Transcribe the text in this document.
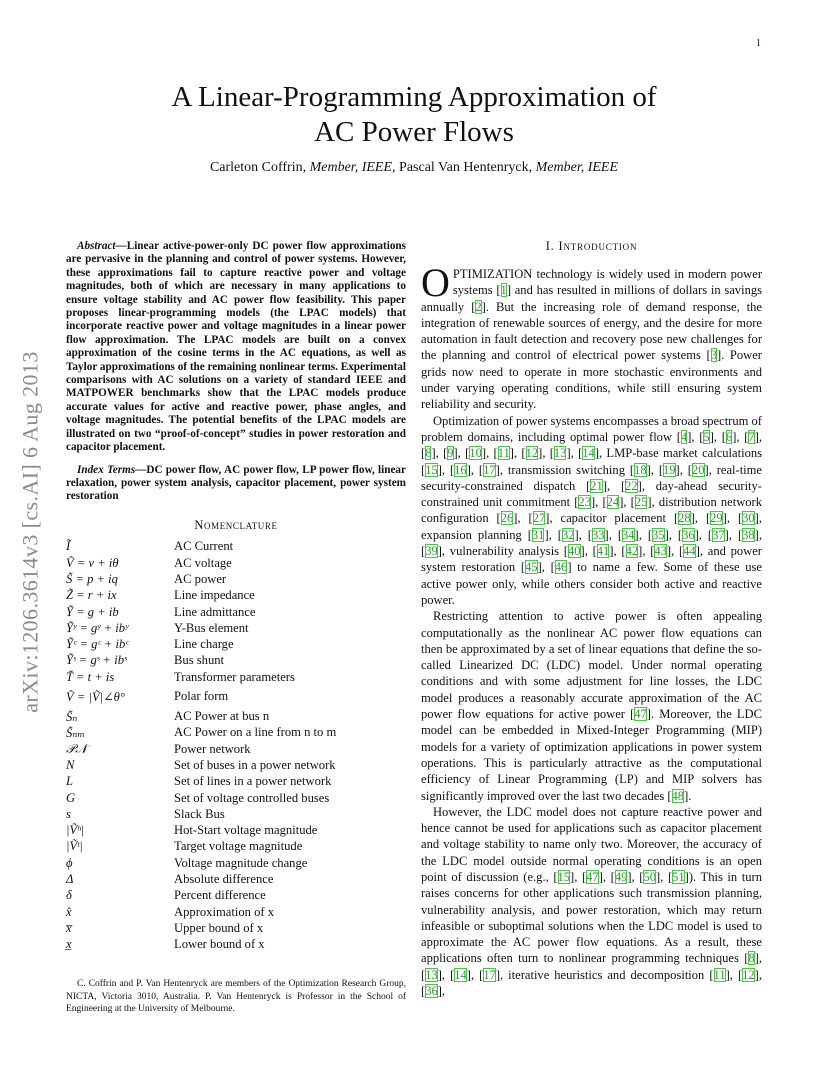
1
arXiv:1206.3614v3 [cs.AI] 6 Aug 2013
A Linear-Programming Approximation of
AC Power Flows
Carleton Coffrin, Member, IEEE, Pascal Van Hentenryck, Member, IEEE

Abstract—Linear active-power-only DC power flow approximations are pervasive in the planning and control of power systems. However, these approximations fail to capture reactive power and voltage magnitudes, both of which are necessary in many applications to ensure voltage stability and AC power flow feasibility. This paper proposes linear-programming models (the LPAC models) that incorporate reactive power and voltage magnitudes in a linear power flow approximation. The LPAC models are built on a convex approximation of the cosine terms in the AC equations, as well as Taylor approximations of the remaining nonlinear terms. Experimental comparisons with AC solutions on a variety of standard IEEE and MATPOWER benchmarks show that the LPAC models produce accurate values for active and reactive power, phase angles, and voltage magnitudes. The potential benefits of the LPAC models are illustrated on two “proof-of-concept” studies in power restoration and capacitor placement.

Index Terms—DC power flow, AC power flow, LP power flow, linear relaxation, power system analysis, capacitor placement, power system restoration

Nomenclature
Ĩ	AC Current
Ṽ = v + iθ	AC voltage
S̃ = p + iq	AC power
Z̃ = r + ix	Line impedance
Ỹ = g + ib	Line admittance
Ỹʸ = gʸ + ibʸ	Y-Bus element
Ỹᶜ = gᶜ + ibᶜ	Line charge
Ỹˢ = gˢ + ibˢ	Bus shunt
T̃ = t + is	Transformer parameters
Ṽ = |Ṽ|∠θ°	Polar form
S̃ₙ	AC Power at bus n
S̃ₙₘ	AC Power on a line from n to m
𝒫𝒩	Power network
N	Set of buses in a power network
L	Set of lines in a power network
G	Set of voltage controlled buses
s	Slack Bus
|Ṽʰ|	Hot-Start voltage magnitude
|Ṽᵗ|	Target voltage magnitude
ϕ	Voltage magnitude change
Δ	Absolute difference
δ	Percent difference
x̂	Approximation of x
x̅	Upper bound of x
x̲	Lower bound of x

C. Coffrin and P. Van Hentenryck are members of the Optimization Research Group, NICTA, Victoria 3010, Australia. P. Van Hentenryck is Professor in the School of Engineering at the University of Melbourne.

I. Introduction

OPTIMIZATION technology is widely used in modern power systems [1] and has resulted in millions of dollars in savings annually [2]. But the increasing role of demand response, the integration of renewable sources of energy, and the desire for more automation in fault detection and recovery pose new challenges for the planning and control of electrical power systems [3]. Power grids now need to operate in more stochastic environments and under varying operating conditions, while still ensuring system reliability and security.

Optimization of power systems encompasses a broad spectrum of problem domains, including optimal power flow [4], [5], [6], [7], [8], [9], [10], [11], [12], [13], [14], LMP-base market calculations [15], [16], [17], transmission switching [18], [19], [20], real-time security-constrained dispatch [21], [22], day-ahead security-constrained unit commitment [23], [24], [25], distribution network configuration [26], [27], capacitor placement [28], [29], [30], expansion planning [31], [32], [33], [34], [35], [36], [37], [38], [39], vulnerability analysis [40], [41], [42], [43], [44], and power system restoration [45], [46] to name a few. Some of these use active power only, while others consider both active and reactive power.

Restricting attention to active power is often appealing computationally as the nonlinear AC power flow equations can then be approximated by a set of linear equations that define the so-called Linearized DC (LDC) model. Under normal operating conditions and with some adjustment for line losses, the LDC model produces a reasonably accurate approximation of the AC power flow equations for active power [47]. Moreover, the LDC model can be embedded in Mixed-Integer Programming (MIP) models for a variety of optimization applications in power system operations. This is particularly attractive as the computational efficiency of Linear Programming (LP) and MIP solvers has significantly improved over the last two decades [48].

However, the LDC model does not capture reactive power and hence cannot be used for applications such as capacitor placement and voltage stability to name only two. Moreover, the accuracy of the LDC model outside normal operating conditions is an open point of discussion (e.g., [15], [47], [49], [50], [51]). This in turn raises concerns for other applications such transmission planning, vulnerability analysis, and power restoration, which may return infeasible or suboptimal solutions when the LDC model is used to approximate the AC power flow equations. As a result, these applications often turn to nonlinear programming techniques [8], [13], [14], [17], iterative heuristics and decomposition [11], [12], [36],
